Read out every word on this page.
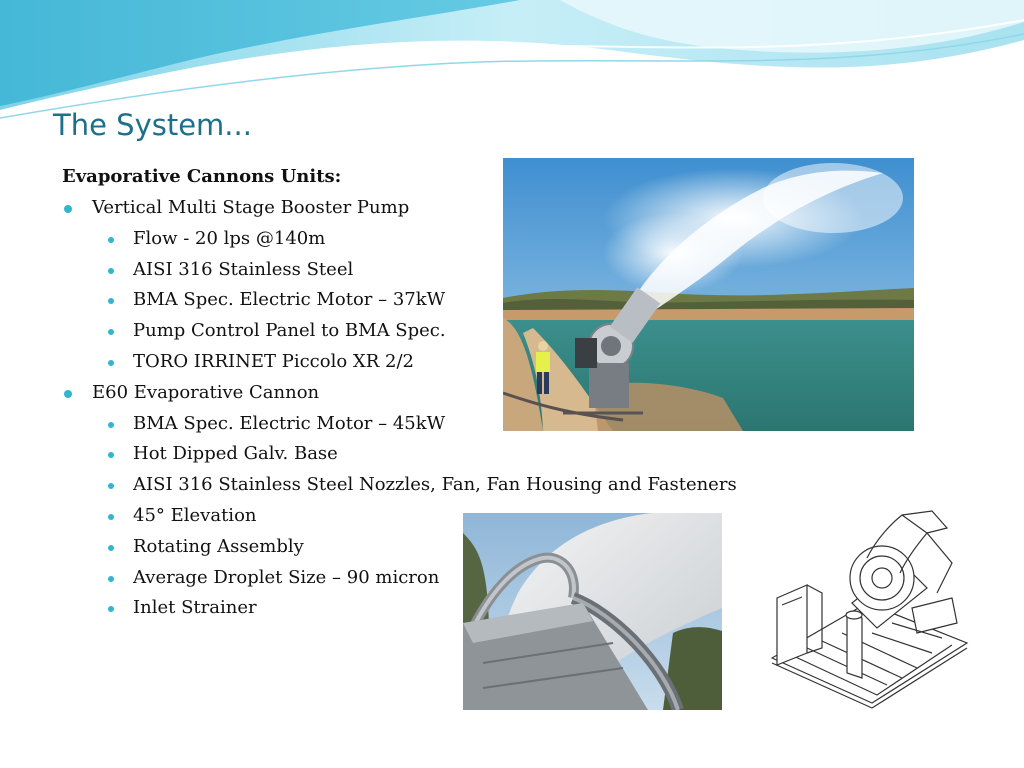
The System...
Evaporative Cannons Units:
Vertical Multi Stage Booster Pump
Flow - 20 lps @140m
AISI 316 Stainless Steel
BMA Spec. Electric Motor – 37kW
Pump Control Panel to BMA Spec.
TORO IRRINET Piccolo XR 2/2
E60 Evaporative Cannon
BMA Spec. Electric Motor – 45kW
Hot Dipped Galv. Base
AISI 316 Stainless Steel Nozzles, Fan, Fan Housing and Fasteners
45° Elevation
Rotating Assembly
Average Droplet Size – 90 micron
Inlet Strainer
